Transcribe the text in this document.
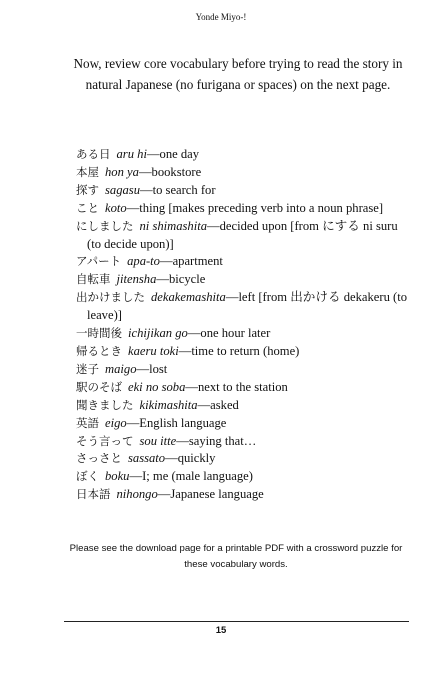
Yonde Miyo-!

Now, review core vocabulary before trying to read the story in natural Japanese (no furigana or spaces) on the next page.

ある日 aru hi—one day
本屋 hon ya—bookstore
探す sagasu—to search for
こと koto—thing [makes preceding verb into a noun phrase]
にしました ni shimashita—decided upon [from にする ni suru (to decide upon)]
アパート apa-to—apartment
自転車 jitensha—bicycle
出かけました dekakemashita—left [from 出かける dekakeru (to leave)]
一時間後 ichijikan go—one hour later
帰るとき kaeru toki—time to return (home)
迷子 maigo—lost
駅のそば eki no soba—next to the station
聞きました kikimashita—asked
英語 eigo—English language
そう言って sou itte—saying that…
さっさと sassato—quickly
ぼく boku—I; me (male language)
日本語 nihongo—Japanese language

Please see the download page for a printable PDF with a crossword puzzle for these vocabulary words.

15
